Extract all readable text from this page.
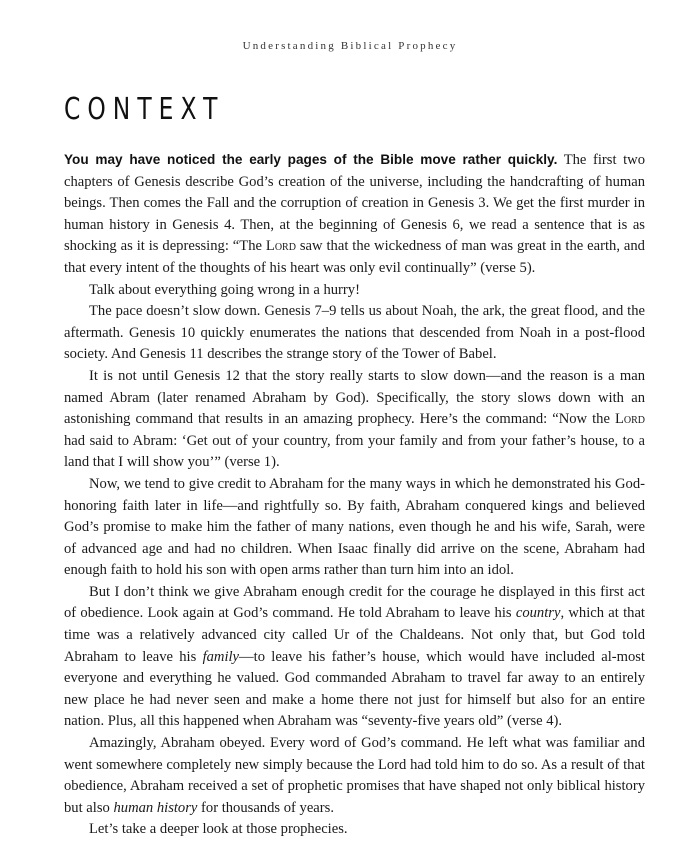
Understanding Biblical Prophecy
CONTEXT

You may have noticed the early pages of the Bible move rather quickly. The first two chapters of Genesis describe God’s creation of the universe, including the handcrafting of human beings. Then comes the Fall and the corruption of creation in Genesis 3. We get the first murder in human history in Genesis 4. Then, at the beginning of Genesis 6, we read a sentence that is as shocking as it is depressing: “The Lord saw that the wickedness of man was great in the earth, and that every intent of the thoughts of his heart was only evil continually” (verse 5).

Talk about everything going wrong in a hurry!

The pace doesn’t slow down. Genesis 7–9 tells us about Noah, the ark, the great flood, and the aftermath. Genesis 10 quickly enumerates the nations that descended from Noah in a post-flood society. And Genesis 11 describes the strange story of the Tower of Babel.

It is not until Genesis 12 that the story really starts to slow down—and the reason is a man named Abram (later renamed Abraham by God). Specifically, the story slows down with an astonishing command that results in an amazing prophecy. Here’s the command: “Now the Lord had said to Abram: ‘Get out of your country, from your family and from your father’s house, to a land that I will show you’” (verse 1).

Now, we tend to give credit to Abraham for the many ways in which he demonstrated his God-honoring faith later in life—and rightfully so. By faith, Abraham conquered kings and believed God’s promise to make him the father of many nations, even though he and his wife, Sarah, were of advanced age and had no children. When Isaac finally did arrive on the scene, Abraham had enough faith to hold his son with open arms rather than turn him into an idol.

But I don’t think we give Abraham enough credit for the courage he displayed in this first act of obedience. Look again at God’s command. He told Abraham to leave his country, which at that time was a relatively advanced city called Ur of the Chaldeans. Not only that, but God told Abraham to leave his family—to leave his father’s house, which would have included al-most everyone and everything he valued. God commanded Abraham to travel far away to an entirely new place he had never seen and make a home there not just for himself but also for an entire nation. Plus, all this happened when Abraham was “seventy-five years old” (verse 4).

Amazingly, Abraham obeyed. Every word of God’s command. He left what was familiar and went somewhere completely new simply because the Lord had told him to do so. As a result of that obedience, Abraham received a set of prophetic promises that have shaped not only biblical history but also human history for thousands of years.

Let’s take a deeper look at those prophecies.
